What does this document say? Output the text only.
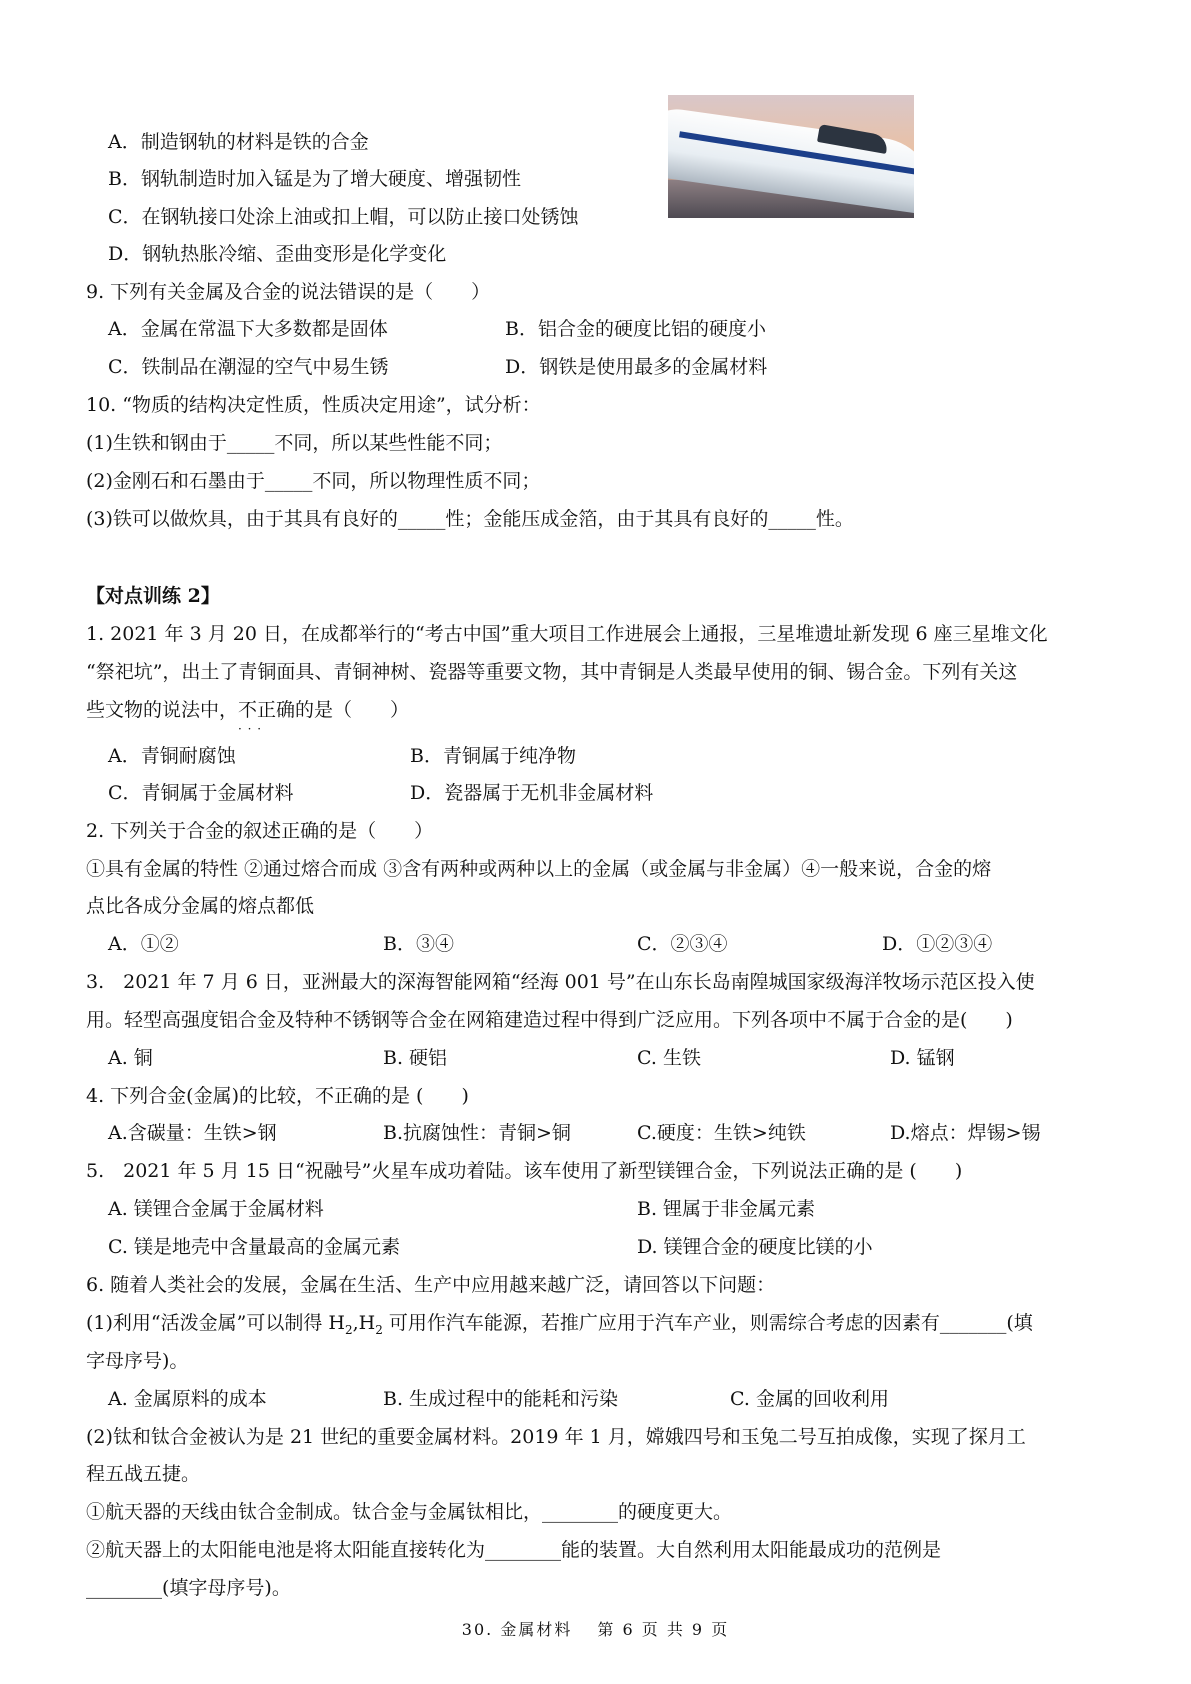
A．制造钢轨的材料是铁的合金
B．钢轨制造时加入锰是为了增大硬度、增强韧性
C．在钢轨接口处涂上油或扣上帽，可以防止接口处锈蚀
D．钢轨热胀冷缩、歪曲变形是化学变化
9. 下列有关金属及合金的说法错误的是（　　）
A．金属在常温下大多数都是固体	B．铝合金的硬度比铝的硬度小
C．铁制品在潮湿的空气中易生锈	D．钢铁是使用最多的金属材料
10. “物质的结构决定性质，性质决定用途”，试分析：
(1)生铁和钢由于_____不同，所以某些性能不同；
(2)金刚石和石墨由于_____不同，所以物理性质不同；
(3)铁可以做炊具，由于其具有良好的_____性；金能压成金箔，由于其具有良好的_____性。
【对点训练 2】
1. 2021 年 3 月 20 日，在成都举行的“考古中国”重大项目工作进展会上通报，三星堆遗址新发现 6 座三星堆文化
“祭祀坑”，出土了青铜面具、青铜神树、瓷器等重要文物，其中青铜是人类最早使用的铜、锡合金。下列有关这
些文物的说法中，不正确 · · ·的是（　　）
A．青铜耐腐蚀	B．青铜属于纯净物
C．青铜属于金属材料	D．瓷器属于无机非金属材料
2. 下列关于合金的叙述正确的是（　　）
①具有金属的特性 ②通过熔合而成 ③含有两种或两种以上的金属（或金属与非金属）④一般来说，合金的熔
点比各成分金属的熔点都低
A．①②	B．③④	C．②③④	D．①②③④
3.　2021 年 7 月 6 日，亚洲最大的深海智能网箱“经海 001 号”在山东长岛南隍城国家级海洋牧场示范区投入使
用。轻型高强度铝合金及特种不锈钢等合金在网箱建造过程中得到广泛应用。下列各项中不属于合金的是(　　)
A. 铜	B. 硬铝	C. 生铁	D. 锰钢
4. 下列合金(金属)的比较，不正确的是 (　　)
A.含碳量：生铁>钢	B.抗腐蚀性：青铜>铜	C.硬度：生铁>纯铁	D.熔点：焊锡>锡
5.　2021 年 5 月 15 日“祝融号”火星车成功着陆。该车使用了新型镁锂合金，下列说法正确的是 (　　)
A. 镁锂合金属于金属材料	B. 锂属于非金属元素
C. 镁是地壳中含量最高的金属元素	D. 镁锂合金的硬度比镁的小
6. 随着人类社会的发展，金属在生活、生产中应用越来越广泛，请回答以下问题：
(1)利用“活泼金属”可以制得 $H_2,H_2$ 可用作汽车能源，若推广应用于汽车产业，则需综合考虑的因素有_______(填
字母序号)。
A. 金属原料的成本	B. 生成过程中的能耗和污染	C. 金属的回收利用
(2)钛和钛合金被认为是 21 世纪的重要金属材料。2019 年 1 月，嫦娥四号和玉兔二号互拍成像，实现了探月工
程五战五捷。
①航天器的天线由钛合金制成。钛合金与金属钛相比，________的硬度更大。
②航天器上的太阳能电池是将太阳能直接转化为________能的装置。大自然利用太阳能最成功的范例是
________(填字母序号)。
30. 金属材料　 第 6 页 共 9 页
